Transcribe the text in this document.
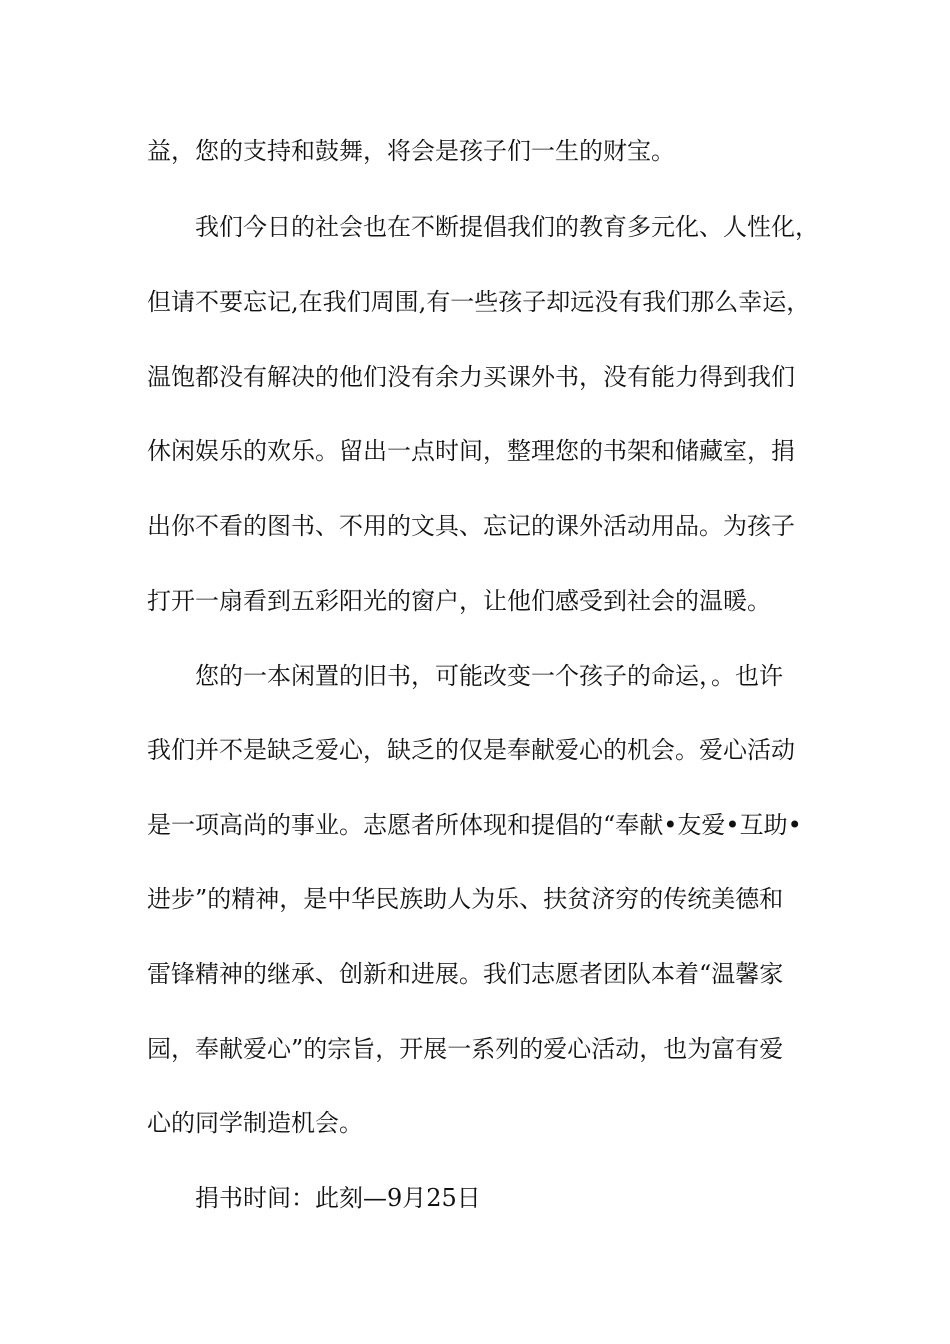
益，您的支持和鼓舞，将会是孩子们一生的财宝。

我们今日的社会也在不断提倡我们的教育多元化、人性化，

但请不要忘记,在我们周围,有一些孩子却远没有我们那么幸运，

温饱都没有解决的他们没有余力买课外书，没有能力得到我们

休闲娱乐的欢乐。留出一点时间，整理您的书架和储藏室，捐

出你不看的图书、不用的文具、忘记的课外活动用品。为孩子

打开一扇看到五彩阳光的窗户，让他们感受到社会的温暖。

您的一本闲置的旧书，可能改变一个孩子的命运，。也许

我们并不是缺乏爱心，缺乏的仅是奉献爱心的机会。爱心活动

是一项高尚的事业。志愿者所体现和提倡的“奉献•友爱•互助•

进步”的精神，是中华民族助人为乐、扶贫济穷的传统美德和

雷锋精神的继承、创新和进展。我们志愿者团队本着“温馨家

园，奉献爱心”的宗旨，开展一系列的爱心活动，也为富有爱

心的同学制造机会。

捐书时间：此刻—9月25日
